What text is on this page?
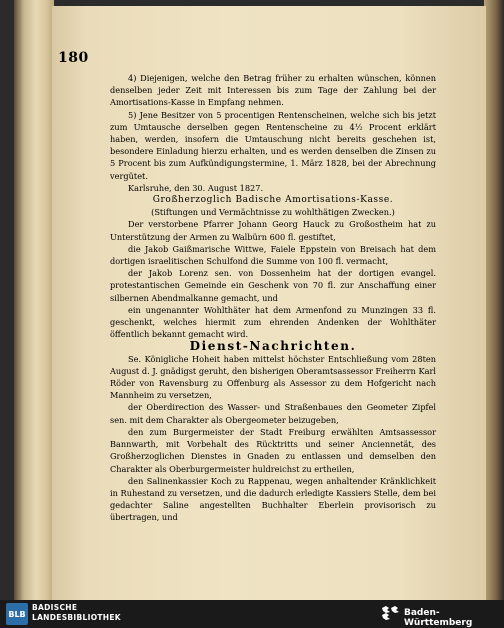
180

4) Diejenigen, welche den Betrag früher zu erhalten wünschen, können denselben jeder Zeit mit Interessen bis zum Tage der Zahlung bei der Amortisations-Kasse in Empfang nehmen.

5) Jene Besitzer von 5 procentigen Rentenscheinen, welche sich bis jetzt zum Umtausche derselben gegen Rentenscheine zu 4½ Procent erklärt haben, werden, insofern die Umtauschung nicht bereits geschehen ist, besondere Einladung hierzu erhalten, und es werden denselben die Zinsen zu 5 Procent bis zum Aufkündigungstermine, 1. März 1828, bei der Abrechnung vergütet.

Karlsruhe, den 30. August 1827.

Großherzoglich Badische Amortisations-Kasse.

(Stiftungen und Vermächtnisse zu wohlthätigen Zwecken.)

Der verstorbene Pfarrer Johann Georg Hauck zu Großostheim hat zu Unterstützung der Armen zu Walbürn 600 fl. gestiftet,

die Jakob Gaißmarische Wittwe, Faiele Eppstein von Breisach hat dem dortigen israelitischen Schulfond die Summe von 100 fl. vermacht,

der Jakob Lorenz sen. von Dossenheim hat der dortigen evangel. protestantischen Gemeinde ein Geschenk von 70 fl. zur Anschaffung einer silbernen Abendmalkanne gemacht, und

ein ungenannter Wohlthäter hat dem Armenfond zu Munzingen 33 fl. geschenkt, welches hiermit zum ehrenden Andenken der Wohlthäter öffentlich bekannt gemacht wird.

Dienst-Nachrichten.

Se. Königliche Hoheit haben mittelst höchster Entschließung vom 28ten August d. J. gnädigst geruht, den bisherigen Oberamtsassessor Freiherrn Karl Röder von Ravensburg zu Offenburg als Assessor zu dem Hofgericht nach Mannheim zu versetzen,

der Oberdirection des Wasser- und Straßenbaues den Geometer Zipfel sen. mit dem Charakter als Obergeometer beizugeben,

den zum Burgermeister der Stadt Freiburg erwählten Amtsassessor Bannwarth, mit Vorbehalt des Rücktritts und seiner Anciennetät, des Großherzoglichen Dienstes in Gnaden zu entlassen und demselben den Charakter als Oberburgermeister huldreichst zu ertheilen,

den Salinenkassier Koch zu Rappenau, wegen anhaltender Kränklichkeit in Ruhestand zu versetzen, und die dadurch erledigte Kassiers Stelle, dem bei gedachter Saline angestellten Buchhalter Eberlein provisorisch zu übertragen, und

BLB
BADISCHE
LANDESBIBLIOTHEK	Baden-Württemberg
